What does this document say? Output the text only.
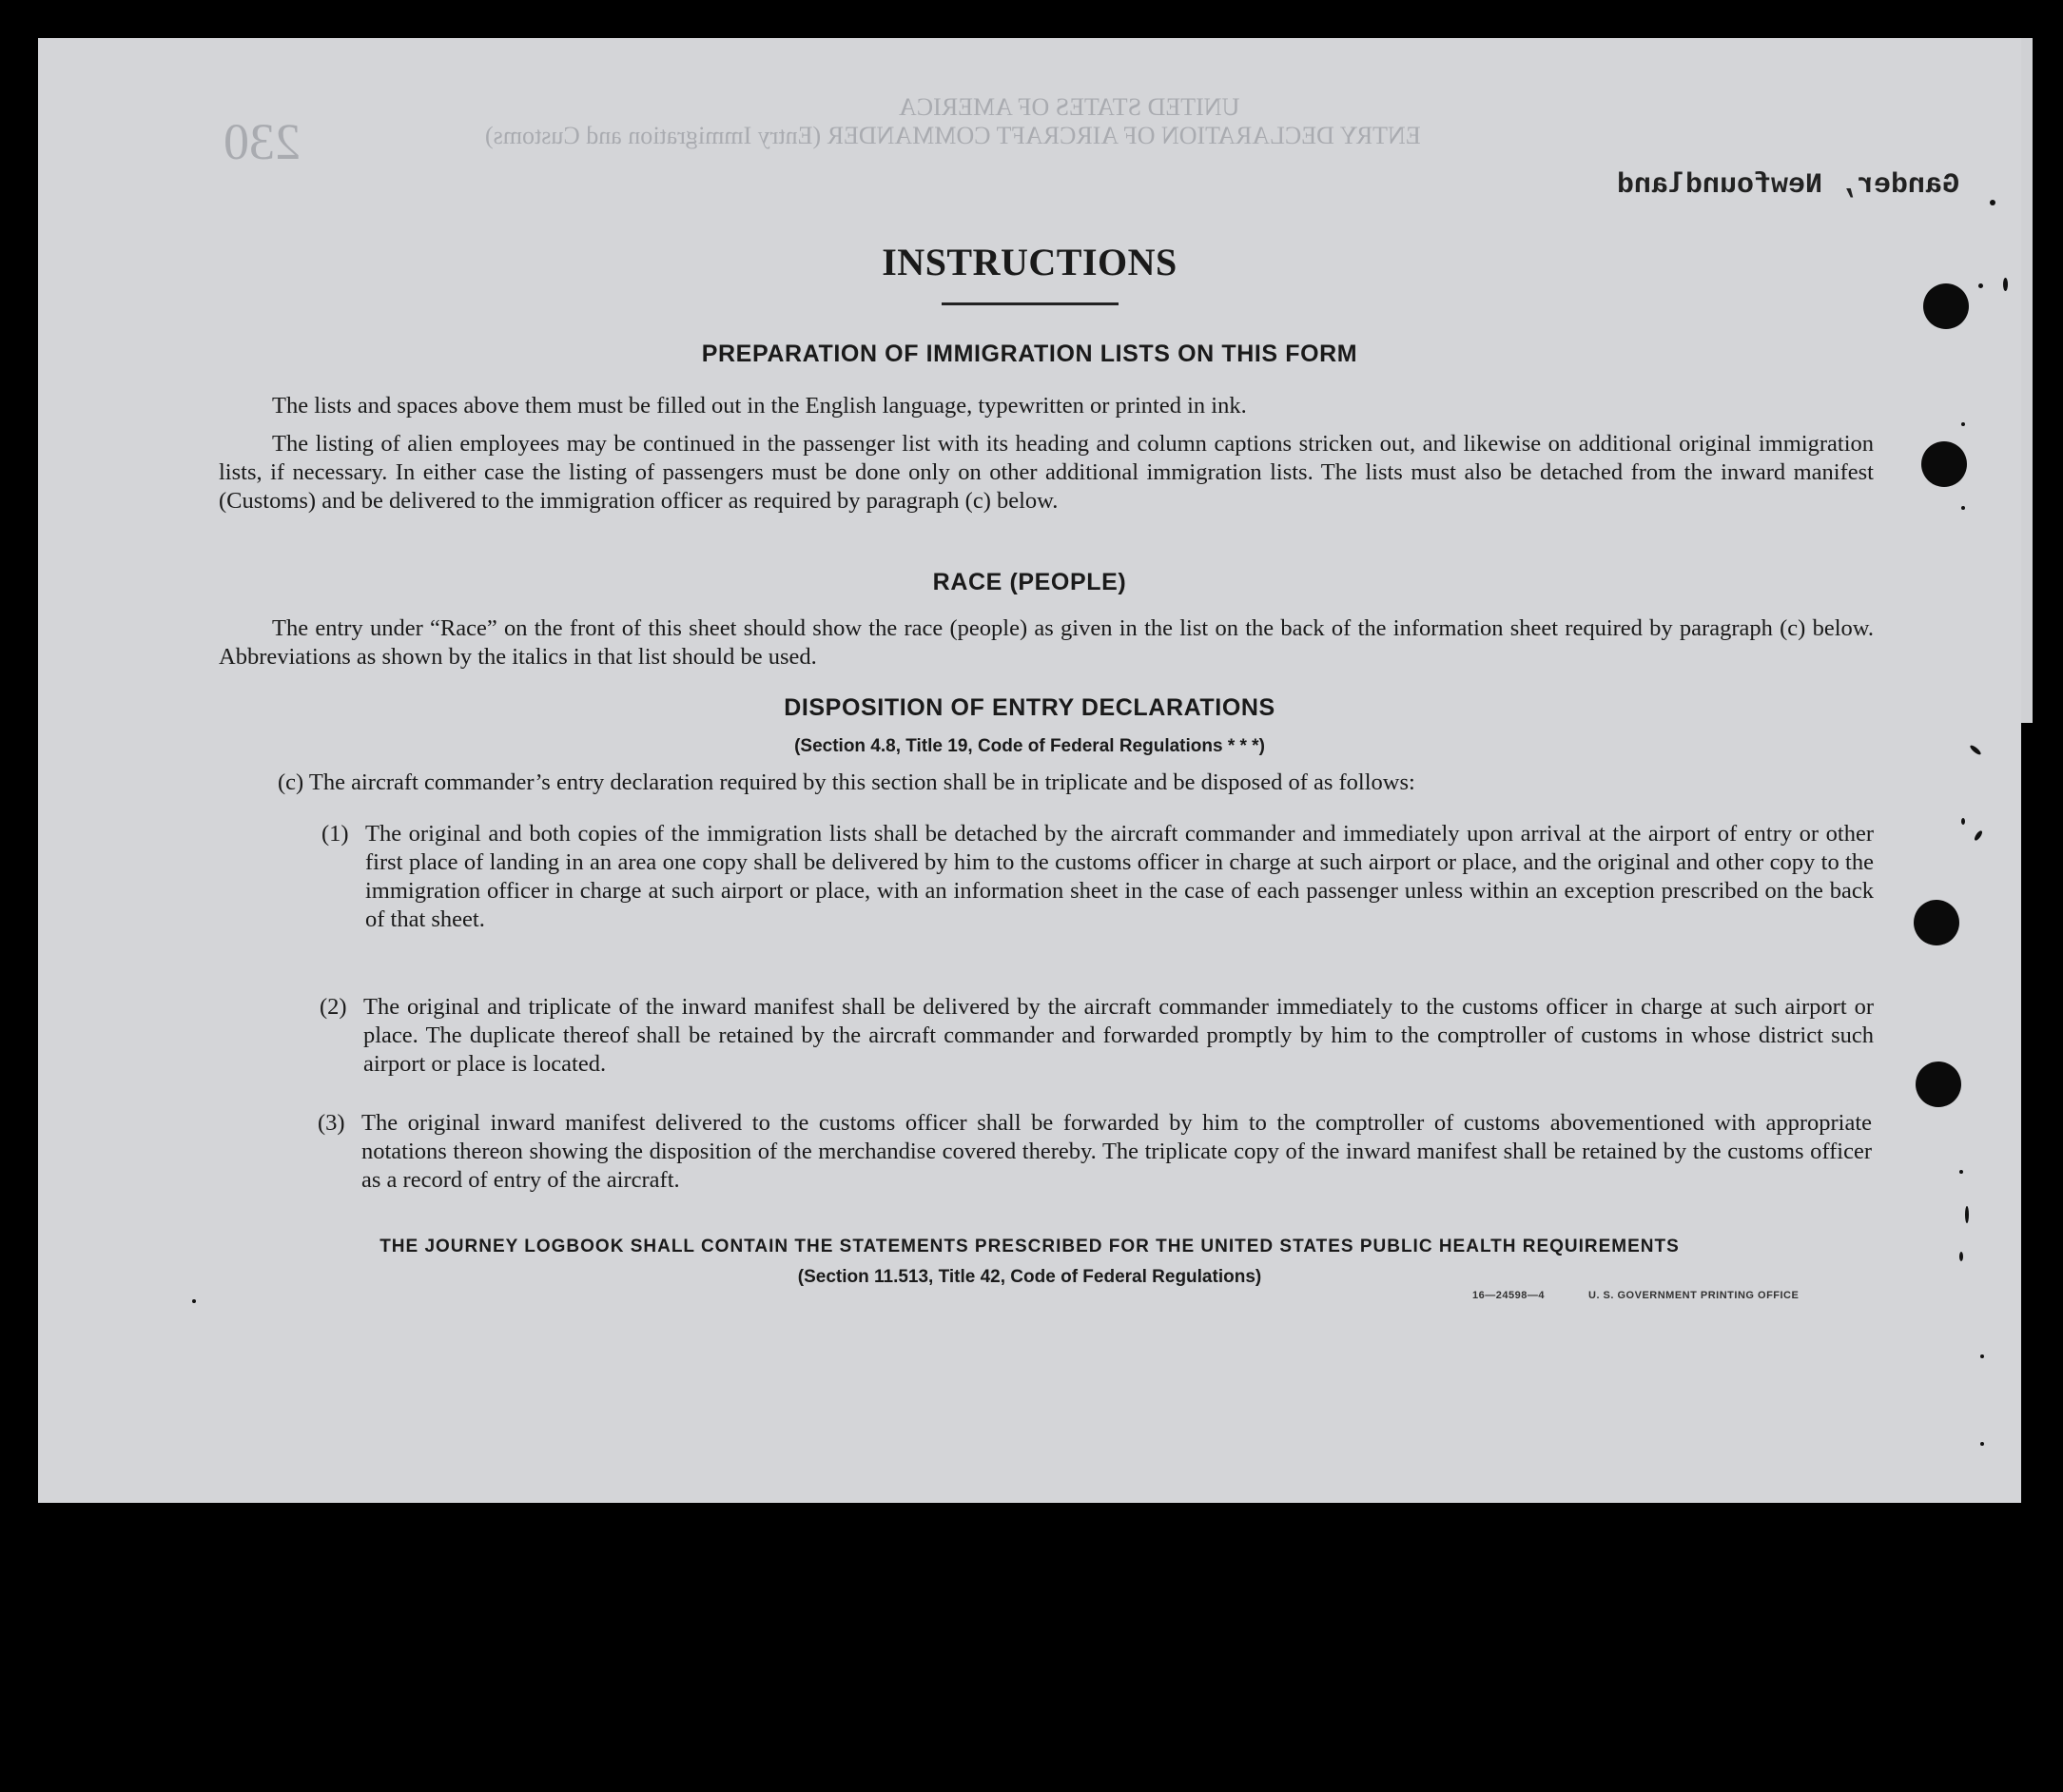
230
UNITED STATES OF AMERICA
ENTRY DECLARATION OF AIRCRAFT COMMANDER (Entry Immigration and Customs)
Gander, Newfoundland
INSTRUCTIONS
PREPARATION OF IMMIGRATION LISTS ON THIS FORM
The lists and spaces above them must be filled out in the English language, typewritten or printed in ink.
The listing of alien employees may be continued in the passenger list with its heading and column captions stricken out, and likewise on additional original immigration lists, if necessary. In either case the listing of passengers must be done only on other additional immigration lists. The lists must also be detached from the inward manifest (Customs) and be delivered to the immigration officer as required by paragraph (c) below.
RACE (PEOPLE)
The entry under “Race” on the front of this sheet should show the race (people) as given in the list on the back of the information sheet required by paragraph (c) below. Abbreviations as shown by the italics in that list should be used.
DISPOSITION OF ENTRY DECLARATIONS
(Section 4.8, Title 19, Code of Federal Regulations * * *)
(c) The aircraft commander’s entry declaration required by this section shall be in triplicate and be disposed of as follows:
(1) The original and both copies of the immigration lists shall be detached by the aircraft commander and immediately upon arrival at the airport of entry or other first place of landing in an area one copy shall be delivered by him to the customs officer in charge at such airport or place, and the original and other copy to the immigration officer in charge at such airport or place, with an information sheet in the case of each passenger unless within an exception prescribed on the back of that sheet.
(2) The original and triplicate of the inward manifest shall be delivered by the aircraft commander immediately to the customs officer in charge at such airport or place. The duplicate thereof shall be retained by the aircraft commander and forwarded promptly by him to the comptroller of customs in whose district such airport or place is located.
(3) The original inward manifest delivered to the customs officer shall be forwarded by him to the comptroller of customs abovementioned with appropriate notations thereon showing the disposition of the merchandise covered thereby. The triplicate copy of the inward manifest shall be retained by the customs officer as a record of entry of the aircraft.
THE JOURNEY LOGBOOK SHALL CONTAIN THE STATEMENTS PRESCRIBED FOR THE UNITED STATES PUBLIC HEALTH REQUIREMENTS
(Section 11.513, Title 42, Code of Federal Regulations)
16—24598—4	U. S. GOVERNMENT PRINTING OFFICE
